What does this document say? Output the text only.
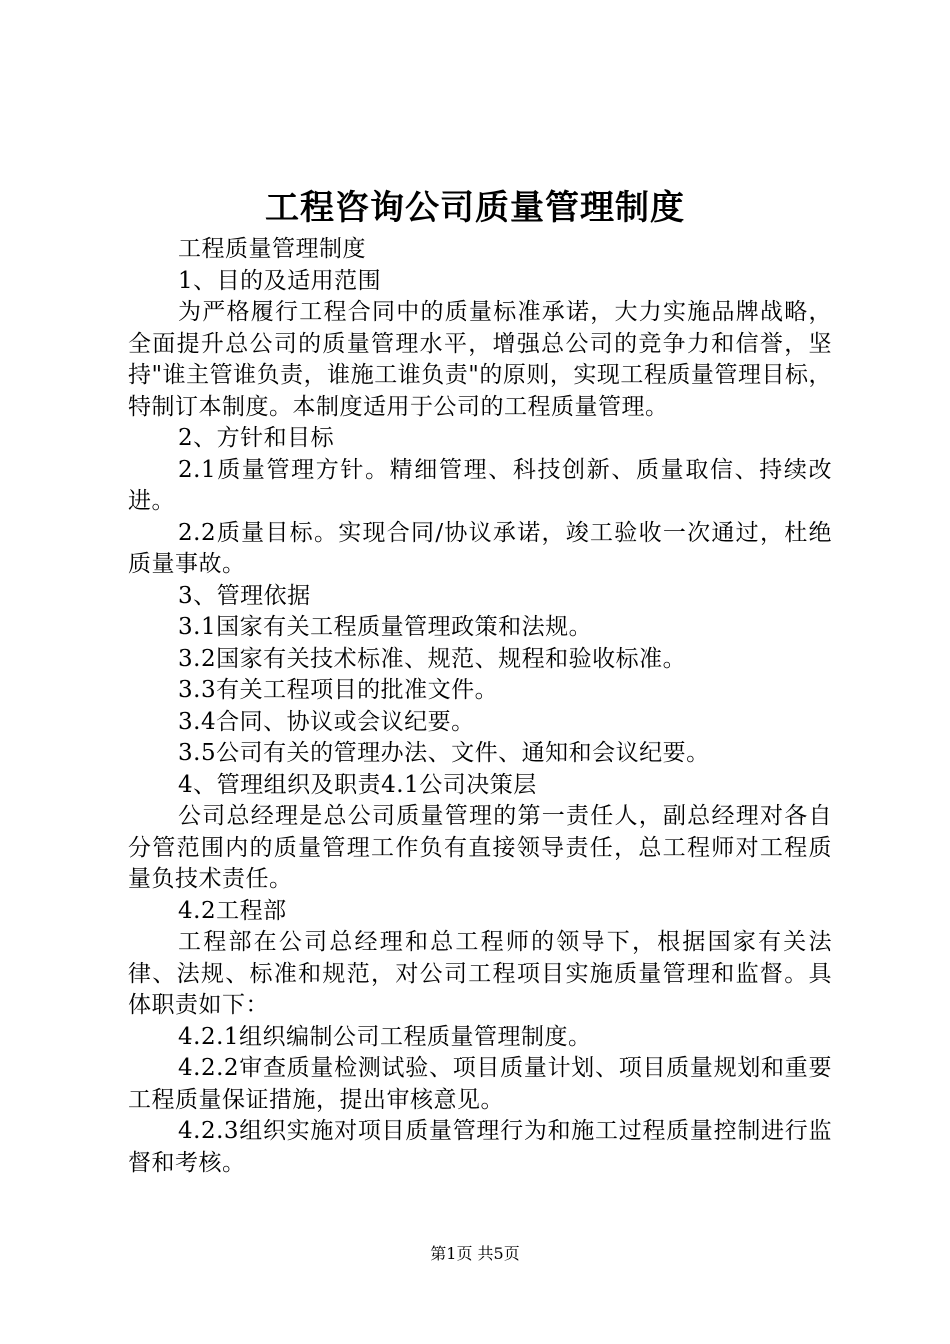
工程咨询公司质量管理制度

工程质量管理制度

1、目的及适用范围

为严格履行工程合同中的质量标准承诺，大力实施品牌战略，全面提升总公司的质量管理水平，增强总公司的竞争力和信誉，坚持"谁主管谁负责，谁施工谁负责"的原则，实现工程质量管理目标，特制订本制度。本制度适用于公司的工程质量管理。

2、方针和目标

2.1质量管理方针。精细管理、科技创新、质量取信、持续改进。

2.2质量目标。实现合同/协议承诺，竣工验收一次通过，杜绝质量事故。

3、管理依据

3.1国家有关工程质量管理政策和法规。

3.2国家有关技术标准、规范、规程和验收标准。

3.3有关工程项目的批准文件。

3.4合同、协议或会议纪要。

3.5公司有关的管理办法、文件、通知和会议纪要。

4、管理组织及职责4.1公司决策层

公司总经理是总公司质量管理的第一责任人，副总经理对各自分管范围内的质量管理工作负有直接领导责任，总工程师对工程质量负技术责任。

4.2工程部

工程部在公司总经理和总工程师的领导下，根据国家有关法律、法规、标准和规范，对公司工程项目实施质量管理和监督。具体职责如下：

4.2.1组织编制公司工程质量管理制度。

4.2.2审查质量检测试验、项目质量计划、项目质量规划和重要工程质量保证措施，提出审核意见。

4.2.3组织实施对项目质量管理行为和施工过程质量控制进行监督和考核。

第1页 共5页
